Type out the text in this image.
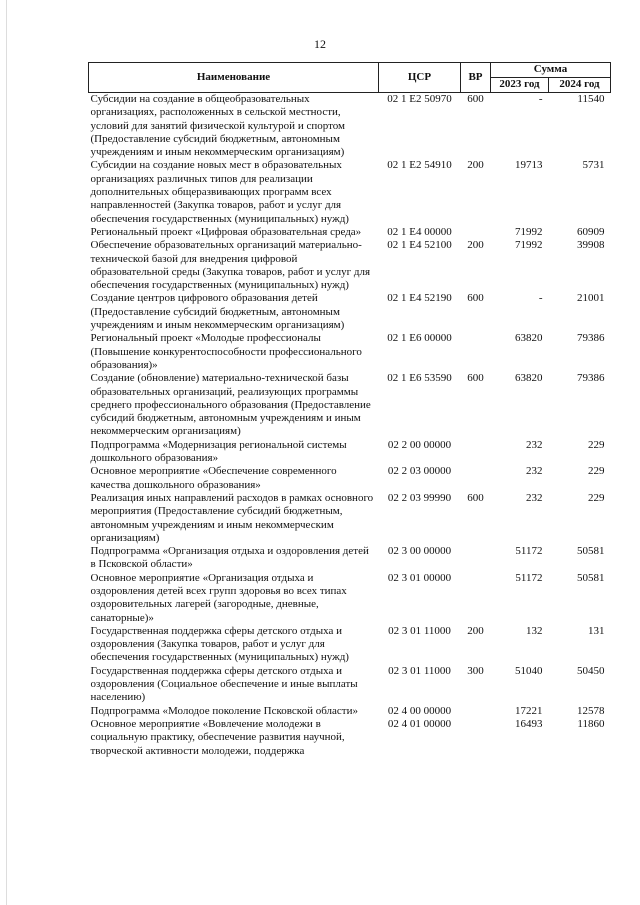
12
Наименование	ЦСР	ВР	Сумма	
			2023 год	2024 год
Субсидии на создание в общеобразовательных организациях, расположенных в сельской местности, условий для занятий физической культурой и спортом (Предоставление субсидий бюджетным, автономным учреждениям и иным некоммерческим организациям)	02 1 E2 50970	600	-	11540
Субсидии на создание новых мест в образовательных организациях различных типов для реализации дополнительных общеразвивающих программ всех направленностей (Закупка товаров, работ и услуг для обеспечения государственных (муниципальных) нужд)	02 1 E2 54910	200	19713	5731
Региональный проект «Цифровая образовательная среда»	02 1 E4 00000		71992	60909
Обеспечение образовательных организаций материально-технической базой для внедрения цифровой образовательной среды (Закупка товаров, работ и услуг для обеспечения государственных (муниципальных) нужд)	02 1 E4 52100	200	71992	39908
Создание центров цифрового образования детей (Предоставление субсидий бюджетным, автономным учреждениям и иным некоммерческим организациям)	02 1 E4 52190	600	-	21001
Региональный проект «Молодые профессионалы (Повышение конкурентоспособности профессионального образования)»	02 1 E6 00000		63820	79386
Создание (обновление) материально-технической базы образовательных организаций, реализующих программы среднего профессионального образования (Предоставление субсидий бюджетным, автономным учреждениям и иным некоммерческим организациям)	02 1 E6 53590	600	63820	79386
Подпрограмма «Модернизация региональной системы дошкольного образования»	02 2 00 00000		232	229
Основное мероприятие «Обеспечение современного качества дошкольного образования»	02 2 03 00000		232	229
Реализация иных направлений расходов в рамках основного мероприятия (Предоставление субсидий бюджетным, автономным учреждениям и иным некоммерческим организациям)	02 2 03 99990	600	232	229
Подпрограмма «Организация отдыха и оздоровления детей в Псковской области»	02 3 00 00000		51172	50581
Основное мероприятие «Организация отдыха и оздоровления детей всех групп здоровья во всех типах оздоровительных лагерей (загородные, дневные, санаторные)»	02 3 01 00000		51172	50581
Государственная поддержка сферы детского отдыха и оздоровления (Закупка товаров, работ и услуг для обеспечения государственных (муниципальных) нужд)	02 3 01 11000	200	132	131
Государственная поддержка сферы детского отдыха и оздоровления (Социальное обеспечение и иные выплаты населению)	02 3 01 11000	300	51040	50450
Подпрограмма «Молодое поколение Псковской области»	02 4 00 00000		17221	12578
Основное мероприятие «Вовлечение молодежи в социальную практику, обеспечение развития научной, творческой активности молодежи, поддержка	02 4 01 00000		16493	11860
